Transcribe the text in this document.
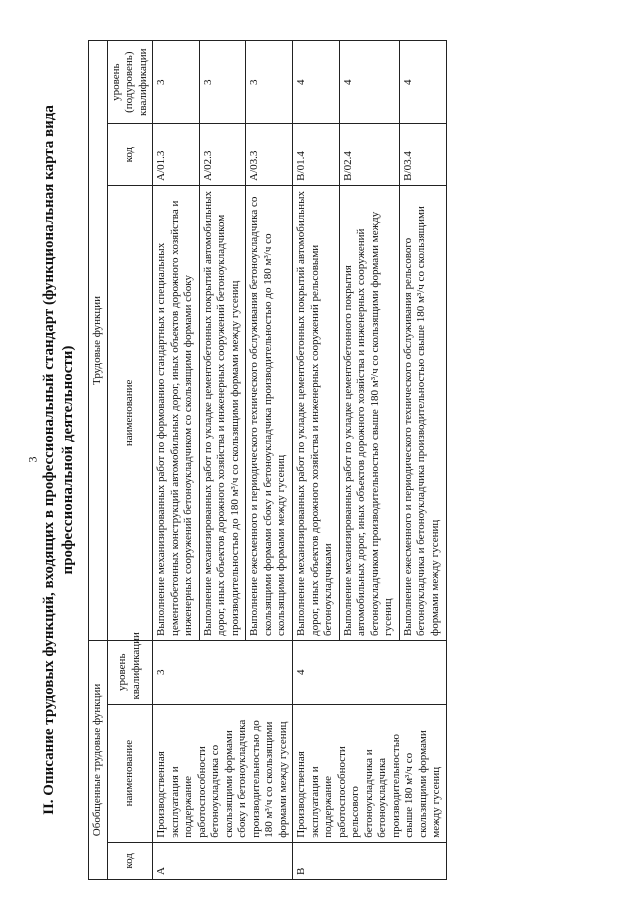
3 II. Описание трудовых функций, входящих в профессиональный стандарт (функциональная карта вида профессиональной деятельности)
Обобщенные трудовые функции			Трудовые функции		
код	наименование	уровень квалификации	наименование	код	уровень (подуровень) квалификации
A	Производственная эксплуатация и поддержание работоспособности бетоноукладчика со скользящими формами сбоку и бетоноукладчика производительностью до 180 м³/ч со скользящими формами между гусениц	3	Выполнение механизированных работ по формованию стандартных и специальных цементобетонных конструкций автомобильных дорог, иных объектов дорожного хозяйства и инженерных сооружений бетоноукладчиком со скользящими формами сбоку	A/01.3	3
			Выполнение механизированных работ по укладке цементобетонных покрытий автомобильных дорог, иных объектов дорожного хозяйства и инженерных сооружений бетоноукладчиком производительностью до 180 м³/ч со скользящими формами между гусениц	A/02.3	3
			Выполнение ежесменного и периодического технического обслуживания бетоноукладчика со скользящими формами сбоку и бетоноукладчика производительностью до 180 м³/ч со скользящими формами между гусениц	A/03.3	3
B	Производственная эксплуатация и поддержание работоспособности рельсового бетоноукладчика и бетоноукладчика производительностью свыше 180 м³/ч со скользящими формами между гусениц	4	Выполнение механизированных работ по укладке цементобетонных покрытий автомобильных дорог, иных объектов дорожного хозяйства и инженерных сооружений рельсовыми бетоноукладчиками	B/01.4	4
			Выполнение механизированных работ по укладке цементобетонного покрытия автомобильных дорог, иных объектов дорожного хозяйства и инженерных сооружений бетоноукладчиком производительностью свыше 180 м³/ч со скользящими формами между гусениц	B/02.4	4
			Выполнение ежесменного и периодического технического обслуживания рельсового бетоноукладчика и бетоноукладчика производительностью свыше 180 м³/ч со скользящими формами между гусениц	B/03.4	4
